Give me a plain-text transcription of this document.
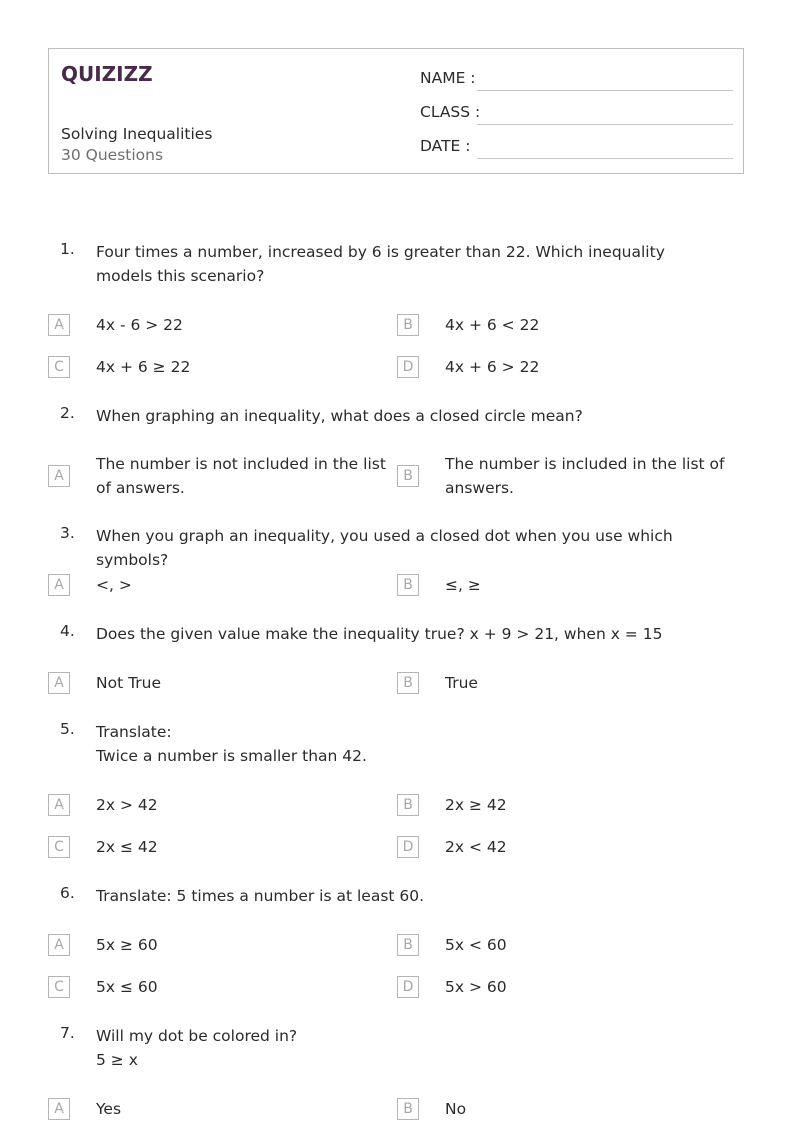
QUIZIZZ
Solving Inequalities
30 Questions
NAME :
CLASS :
DATE :
1.	Four times a number, increased by 6 is greater than 22. Which inequality models this scenario?
A	4x - 6 > 22	B	4x + 6 < 22
C	4x + 6 ≥ 22	D	4x + 6 > 22
2.	When graphing an inequality, what does a closed circle mean?
A
The number is not included in the list of answers.
B
The number is included in the list of answers.
3.	When you graph an inequality, you used a closed dot when you use which symbols?
A	<, >	B	≤, ≥
4.	Does the given value make the inequality true? x + 9 > 21, when x = 15
A	Not True	B	True
5.	Translate:
Twice a number is smaller than 42.
A	2x > 42	B	2x ≥ 42
C	2x ≤ 42	D	2x < 42
6.	Translate: 5 times a number is at least 60.
A	5x ≥ 60	B	5x < 60
C	5x ≤ 60	D	5x > 60
7.	Will my dot be colored in?
5 ≥ x
A	Yes	B	No
